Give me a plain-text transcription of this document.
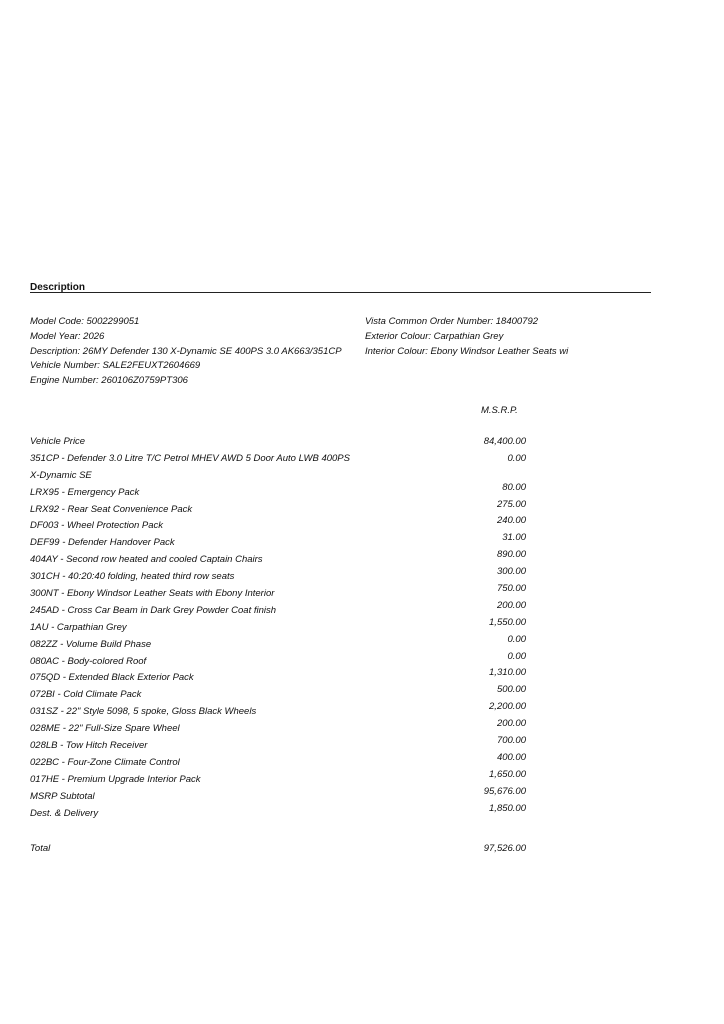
Description
Model Code: 5002299051
Model Year: 2026
Description: 26MY Defender 130 X-Dynamic SE 400PS 3.0 AK663/351CP
Vehicle Number: SALE2FEUXT2604669
Engine Number: 260106Z0759PT306
Vista Common Order Number: 18400792
Exterior Colour: Carpathian Grey
Interior Colour: Ebony Windsor Leather Seats wi
M.S.R.P.
Vehicle Price	84,400.00
351CP - Defender 3.0 Litre T/C Petrol MHEV AWD 5 Door Auto LWB 400PS	0.00
X-Dynamic SE
LRX95 - Emergency Pack	80.00
LRX92 - Rear Seat Convenience Pack	275.00
DF003 - Wheel Protection Pack	240.00
DEF99 - Defender Handover Pack	31.00
404AY - Second row heated and cooled Captain Chairs	890.00
301CH - 40:20:40 folding, heated third row seats	300.00
300NT - Ebony Windsor Leather Seats with Ebony Interior	750.00
245AD - Cross Car Beam in Dark Grey Powder Coat finish	200.00
1AU - Carpathian Grey	1,550.00
082ZZ - Volume Build Phase	0.00
080AC - Body-colored Roof	0.00
075QD - Extended Black Exterior Pack	1,310.00
072BI - Cold Climate Pack	500.00
031SZ - 22" Style 5098, 5 spoke, Gloss Black Wheels	2,200.00
028ME - 22" Full-Size Spare Wheel	200.00
028LB - Tow Hitch Receiver	700.00
022BC - Four-Zone Climate Control	400.00
017HE - Premium Upgrade Interior Pack	1,650.00
MSRP Subtotal	95,676.00
Dest. & Delivery	1,850.00
Total	97,526.00
